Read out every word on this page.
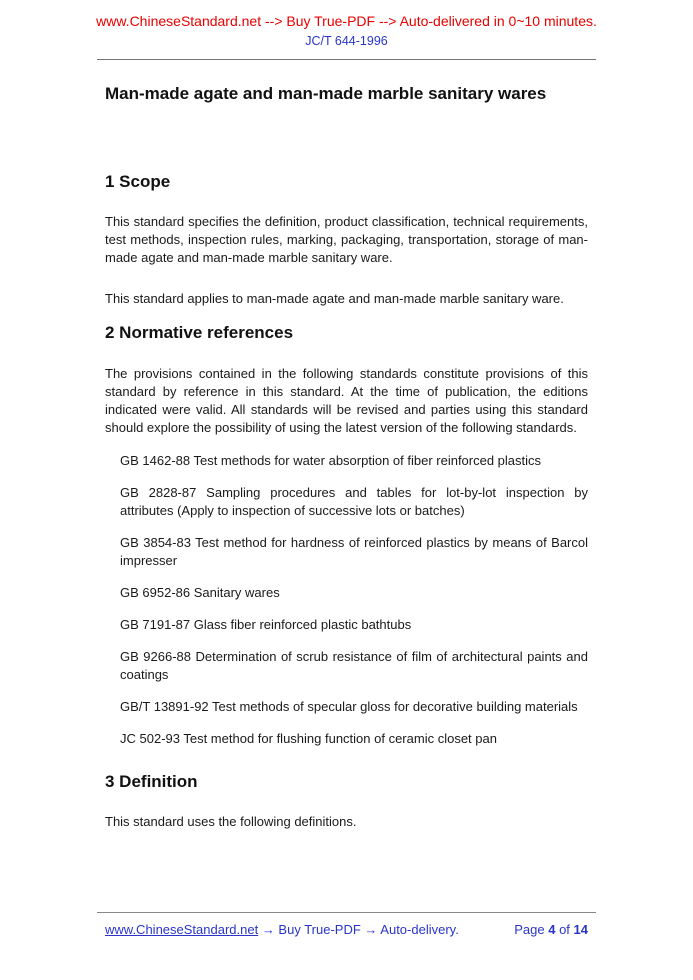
www.ChineseStandard.net --> Buy True-PDF --> Auto-delivered in 0~10 minutes.
JC/T 644-1996
Man-made agate and man-made marble sanitary wares
1 Scope

This standard specifies the definition, product classification, technical requirements, test methods, inspection rules, marking, packaging, transportation, storage of man-made agate and man-made marble sanitary ware.

This standard applies to man-made agate and man-made marble sanitary ware.

2 Normative references

The provisions contained in the following standards constitute provisions of this standard by reference in this standard. At the time of publication, the editions indicated were valid. All standards will be revised and parties using this standard should explore the possibility of using the latest version of the following standards.

GB 1462-88 Test methods for water absorption of fiber reinforced plastics

GB 2828-87 Sampling procedures and tables for lot-by-lot inspection by attributes (Apply to inspection of successive lots or batches)

GB 3854-83 Test method for hardness of reinforced plastics by means of Barcol impresser

GB 6952-86 Sanitary wares

GB 7191-87 Glass fiber reinforced plastic bathtubs

GB 9266-88 Determination of scrub resistance of film of architectural paints and coatings

GB/T 13891-92 Test methods of specular gloss for decorative building materials

JC 502-93 Test method for flushing function of ceramic closet pan

3 Definition

This standard uses the following definitions.

www.ChineseStandard.net → Buy True-PDF → Auto-delivery.	Page 4 of 14
